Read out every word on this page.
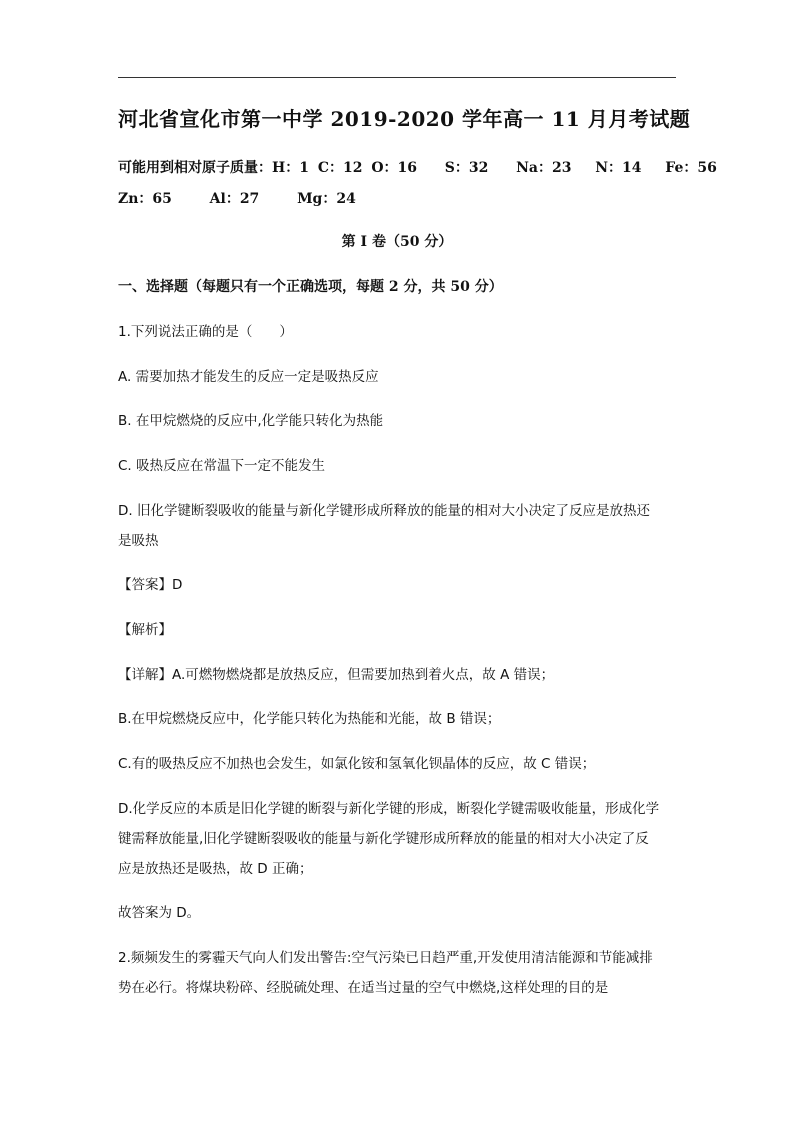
河北省宣化市第一中学 2019-2020 学年高一 11 月月考试题
可能用到相对原子质量：H：1 C：12 O：16 S：32 Na：23 N：14 Fe：56
Zn：65	Al：27	Mg：24
第 I 卷（50 分）
一、选择题（每题只有一个正确选项，每题 2 分，共 50 分）
1.下列说法正确的是（　　）
A. 需要加热才能发生的反应一定是吸热反应
B. 在甲烷燃烧的反应中,化学能只转化为热能
C. 吸热反应在常温下一定不能发生
D. 旧化学键断裂吸收的能量与新化学键形成所释放的能量的相对大小决定了反应是放热还
是吸热
【答案】D
【解析】
【详解】A.可燃物燃烧都是放热反应，但需要加热到着火点，故 A 错误；
B.在甲烷燃烧反应中，化学能只转化为热能和光能，故 B 错误；
C.有的吸热反应不加热也会发生，如氯化铵和氢氧化钡晶体的反应，故 C 错误；
D.化学反应的本质是旧化学键的断裂与新化学键的形成，断裂化学键需吸收能量，形成化学
键需释放能量,旧化学键断裂吸收的能量与新化学键形成所释放的能量的相对大小决定了反
应是放热还是吸热，故 D 正确；
故答案为 D。
2.频频发生的雾霾天气向人们发出警告:空气污染已日趋严重,开发使用清洁能源和节能减排
势在必行。将煤块粉碎、经脱硫处理、在适当过量的空气中燃烧,这样处理的目的是
